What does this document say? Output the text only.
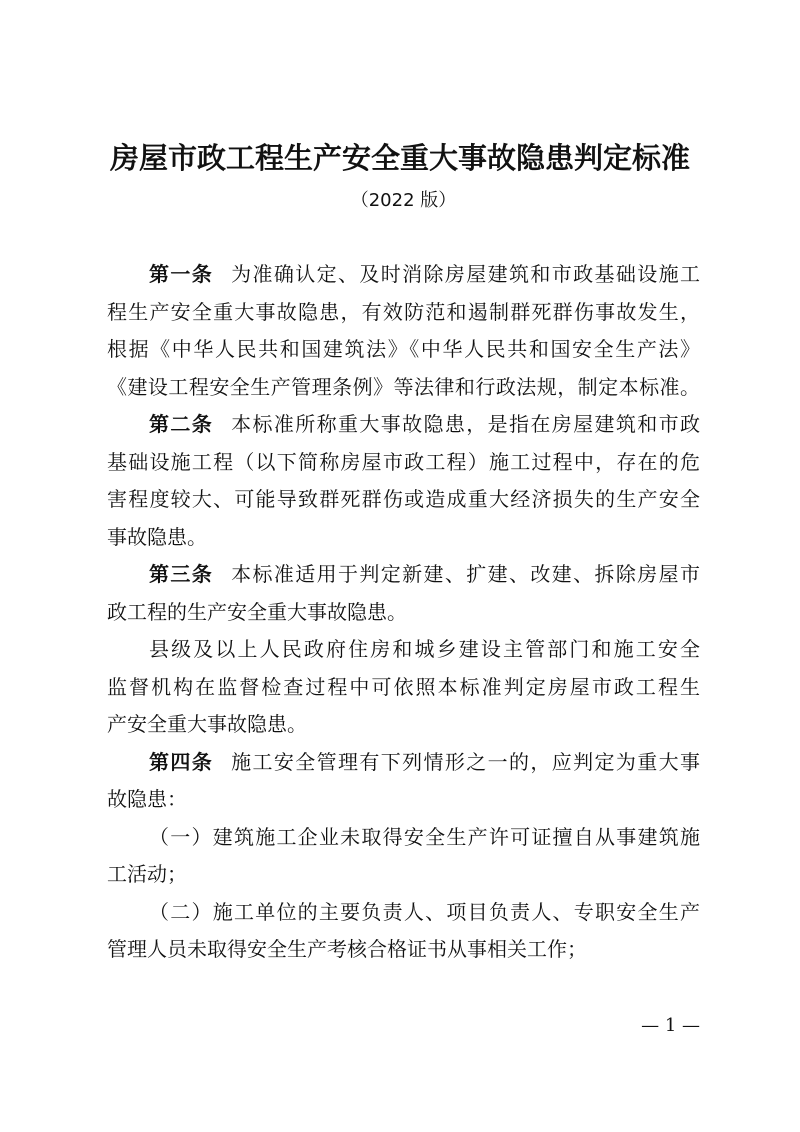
房屋市政工程生产安全重大事故隐患判定标准
（2022 版）
第一条 为准确认定、及时消除房屋建筑和市政基础设施工
程生产安全重大事故隐患，有效防范和遏制群死群伤事故发生，
根据《中华人民共和国建筑法》《中华人民共和国安全生产法》
《建设工程安全生产管理条例》等法律和行政法规，制定本标准。
第二条 本标准所称重大事故隐患，是指在房屋建筑和市政
基础设施工程（以下简称房屋市政工程）施工过程中，存在的危
害程度较大、可能导致群死群伤或造成重大经济损失的生产安全
事故隐患。
第三条 本标准适用于判定新建、扩建、改建、拆除房屋市
政工程的生产安全重大事故隐患。
县级及以上人民政府住房和城乡建设主管部门和施工安全
监督机构在监督检查过程中可依照本标准判定房屋市政工程生
产安全重大事故隐患。
第四条 施工安全管理有下列情形之一的，应判定为重大事
故隐患：
（一）建筑施工企业未取得安全生产许可证擅自从事建筑施
工活动；
（二）施工单位的主要负责人、项目负责人、专职安全生产
管理人员未取得安全生产考核合格证书从事相关工作；
— 1 —
